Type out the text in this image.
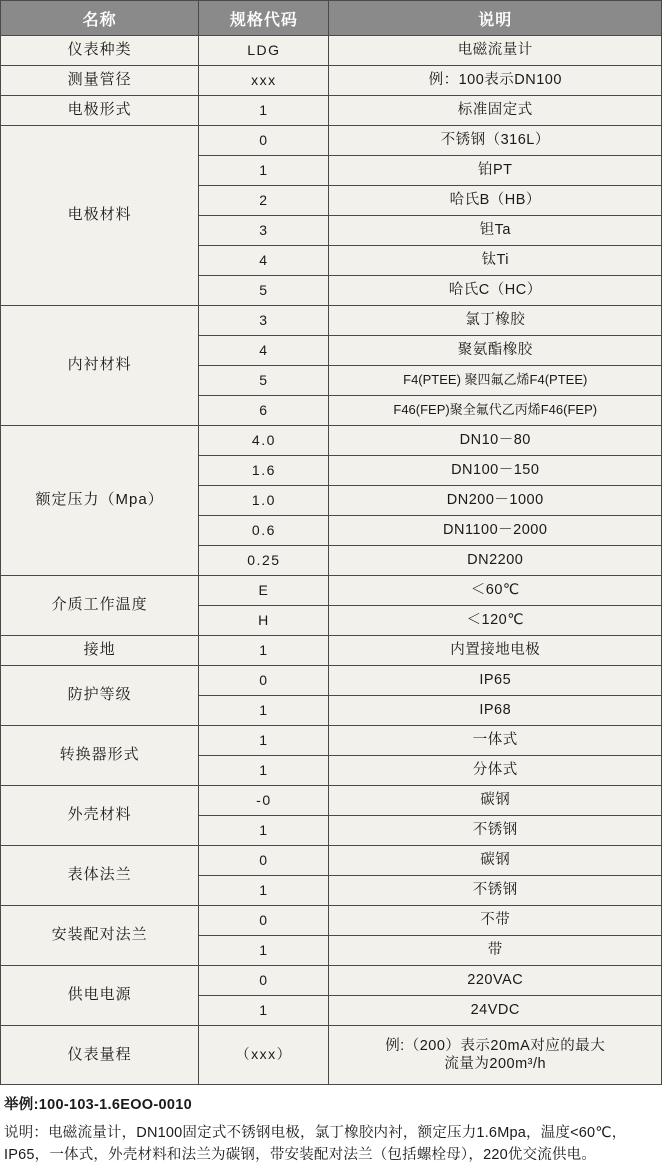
名称	规格代码	说明
仪表种类	LDG	电磁流量计
测量管径	xxx	例：100表示DN100
电极形式	1	标准固定式
电极材料	0	不锈钢（316L）
	1	铂PT
	2	哈氏B（HB）
	3	钽Ta
	4	钛Ti
	5	哈氏C（HC）
内衬材料	3	氯丁橡胶
	4	聚氨酯橡胶
	5	F4(PTEE) 聚四氟乙烯F4(PTEE)
	6	F46(FEP)聚全氟代乙丙烯F46(FEP)
额定压力（Mpa）	4.0	DN10－80
	1.6	DN100－150
	1.0	DN200－1000
	0.6	DN1100－2000
	0.25	DN2200
介质工作温度	E	＜60℃
	H	＜120℃
接地	1	内置接地电极
防护等级	0	IP65
	1	IP68
转换器形式	1	一体式
	1	分体式
外壳材料	-0	碳钢
	1	不锈钢
表体法兰	0	碳钢
	1	不锈钢
安装配对法兰	0	不带
	1	带
供电电源	0	220VAC
	1	24VDC
仪表量程	（xxx）	例:（200）表示20mA对应的最大
流量为200m³/h

举例:100-103-1.6EOO-0010

说明：电磁流量计，DN100固定式不锈钢电极，氯丁橡胶内衬，额定压力1.6Mpa，温度<60℃，IP65，一体式，外壳材料和法兰为碳钢，带安装配对法兰（包括螺栓母），220优交流供电。
